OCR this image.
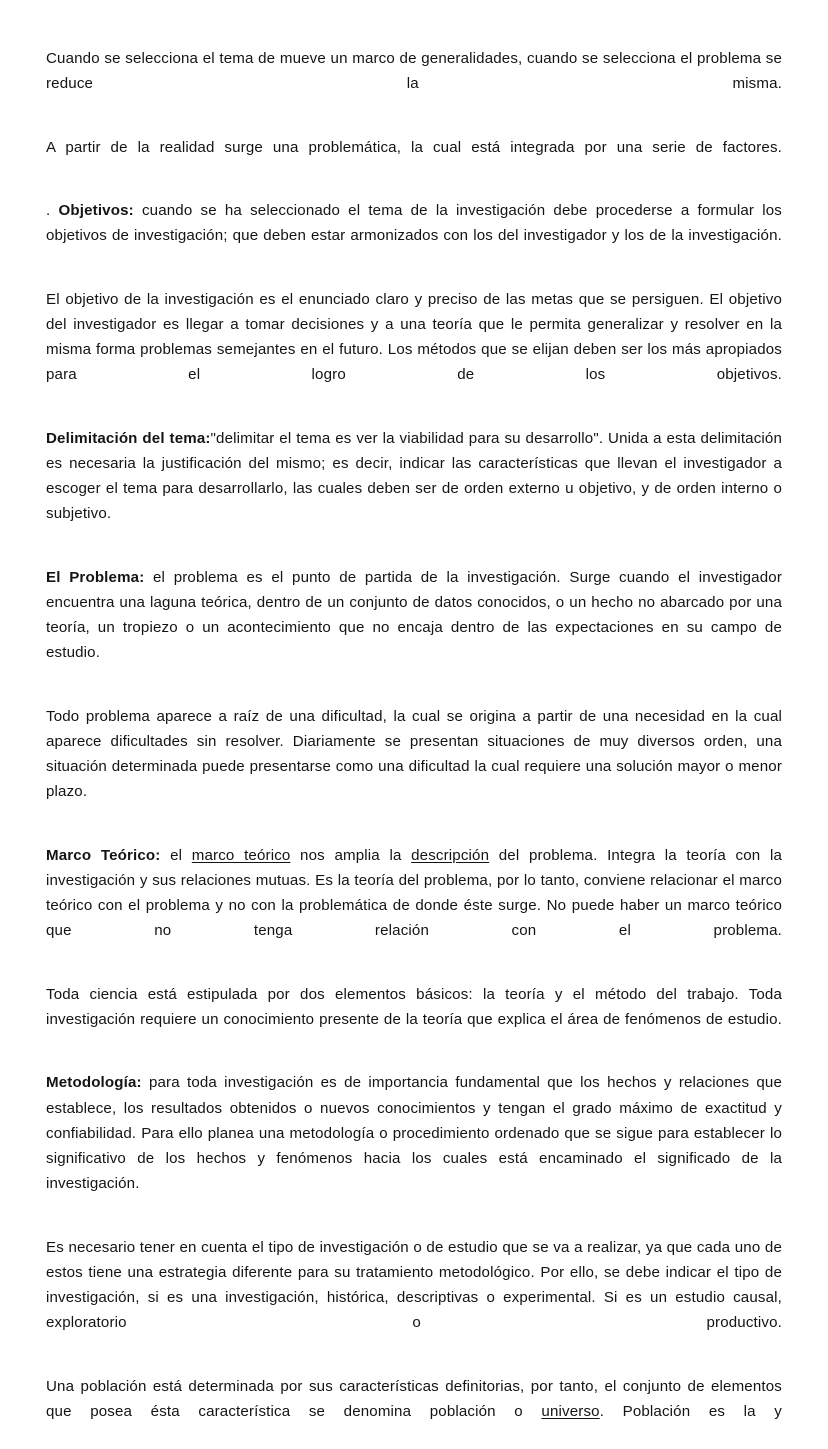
Cuando se selecciona el tema de mueve un marco de generalidades, cuando se selecciona el problema se reduce la misma.

A partir de la realidad surge una problemática, la cual está integrada por una serie de factores.

. Objetivos: cuando se ha seleccionado el tema de la investigación debe procederse a formular los objetivos de investigación; que deben estar armonizados con los del investigador y los de la investigación.

El objetivo de la investigación es el enunciado claro y preciso de las metas que se persiguen. El objetivo del investigador es llegar a tomar decisiones y a una teoría que le permita generalizar y resolver en la misma forma problemas semejantes en el futuro. Los métodos que se elijan deben ser los más apropiados para el logro de los objetivos.

Delimitación del tema:"delimitar el tema es ver la viabilidad para su desarrollo". Unida a esta delimitación es necesaria la justificación del mismo; es decir, indicar las características que llevan el investigador a escoger el tema para desarrollarlo, las cuales deben ser de orden externo u objetivo, y de orden interno o subjetivo.

El Problema: el problema es el punto de partida de la investigación. Surge cuando el investigador encuentra una laguna teórica, dentro de un conjunto de datos conocidos, o un hecho no abarcado por una teoría, un tropiezo o un acontecimiento que no encaja dentro de las expectaciones en su campo de estudio.

Todo problema aparece a raíz de una dificultad, la cual se origina a partir de una necesidad en la cual aparece dificultades sin resolver. Diariamente se presentan situaciones de muy diversos orden, una situación determinada puede presentarse como una dificultad la cual requiere una solución mayor o menor plazo.

Marco Teórico: el marco teórico nos amplia la descripción del problema. Integra la teoría con la investigación y sus relaciones mutuas. Es la teoría del problema, por lo tanto, conviene relacionar el marco teórico con el problema y no con la problemática de donde éste surge. No puede haber un marco teórico que no tenga relación con el problema.

Toda ciencia está estipulada por dos elementos básicos: la teoría y el método del trabajo. Toda investigación requiere un conocimiento presente de la teoría que explica el área de fenómenos de estudio.

Metodología: para toda investigación es de importancia fundamental que los hechos y relaciones que establece, los resultados obtenidos o nuevos conocimientos y tengan el grado máximo de exactitud y confiabilidad. Para ello planea una metodología o procedimiento ordenado que se sigue para establecer lo significativo de los hechos y fenómenos hacia los cuales está encaminado el significado de la investigación.

Es necesario tener en cuenta el tipo de investigación o de estudio que se va a realizar, ya que cada uno de estos tiene una estrategia diferente para su tratamiento metodológico. Por ello, se debe indicar el tipo de investigación, si es una investigación, histórica, descriptivas o experimental. Si es un estudio causal, exploratorio o productivo.

Una población está determinada por sus características definitorias, por tanto, el conjunto de elementos que posea ésta característica se denomina población o universo. Población es la y
